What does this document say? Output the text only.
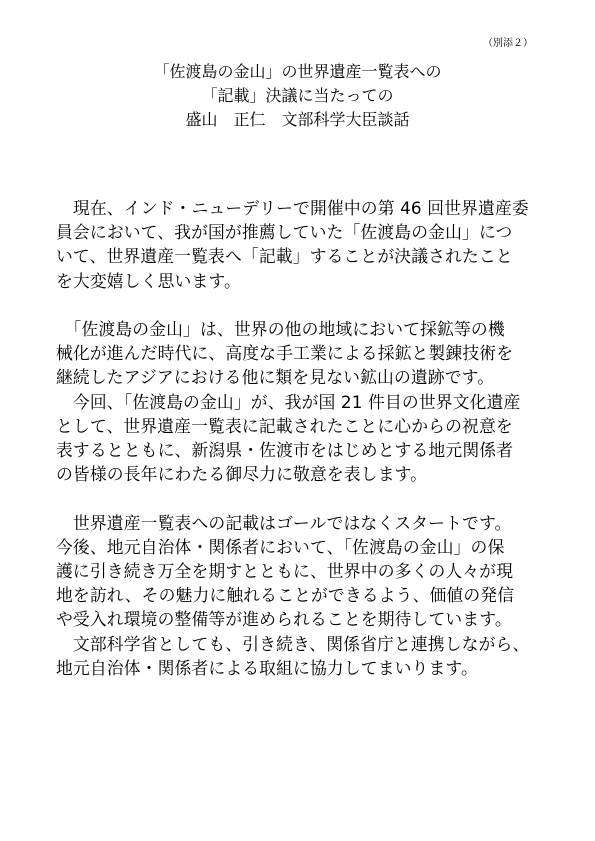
（別添２）
「佐渡島の金山」の世界遺産一覧表への
「記載」決議に当たっての
盛山　正仁　文部科学大臣談話
　現在、インド・ニューデリーで開催中の第 46 回世界遺産委
員会において、我が国が推薦していた「佐渡島の金山」につ
いて、世界遺産一覧表へ「記載」することが決議されたこと
を大変嬉しく思います。
　「佐渡島の金山」は、世界の他の地域において採鉱等の機
械化が進んだ時代に、高度な手工業による採鉱と製錬技術を
継続したアジアにおける他に類を見ない鉱山の遺跡です。
　今回、「佐渡島の金山」が、我が国 21 件目の世界文化遺産
として、世界遺産一覧表に記載されたことに心からの祝意を
表するとともに、新潟県・佐渡市をはじめとする地元関係者
の皆様の長年にわたる御尽力に敬意を表します。
　世界遺産一覧表への記載はゴールではなくスタートです。
今後、地元自治体・関係者において、「佐渡島の金山」の保
護に引き続き万全を期すとともに、世界中の多くの人々が現
地を訪れ、その魅力に触れることができるよう、価値の発信
や受入れ環境の整備等が進められることを期待しています。
　文部科学省としても、引き続き、関係省庁と連携しながら、
地元自治体・関係者による取組に協力してまいります。
